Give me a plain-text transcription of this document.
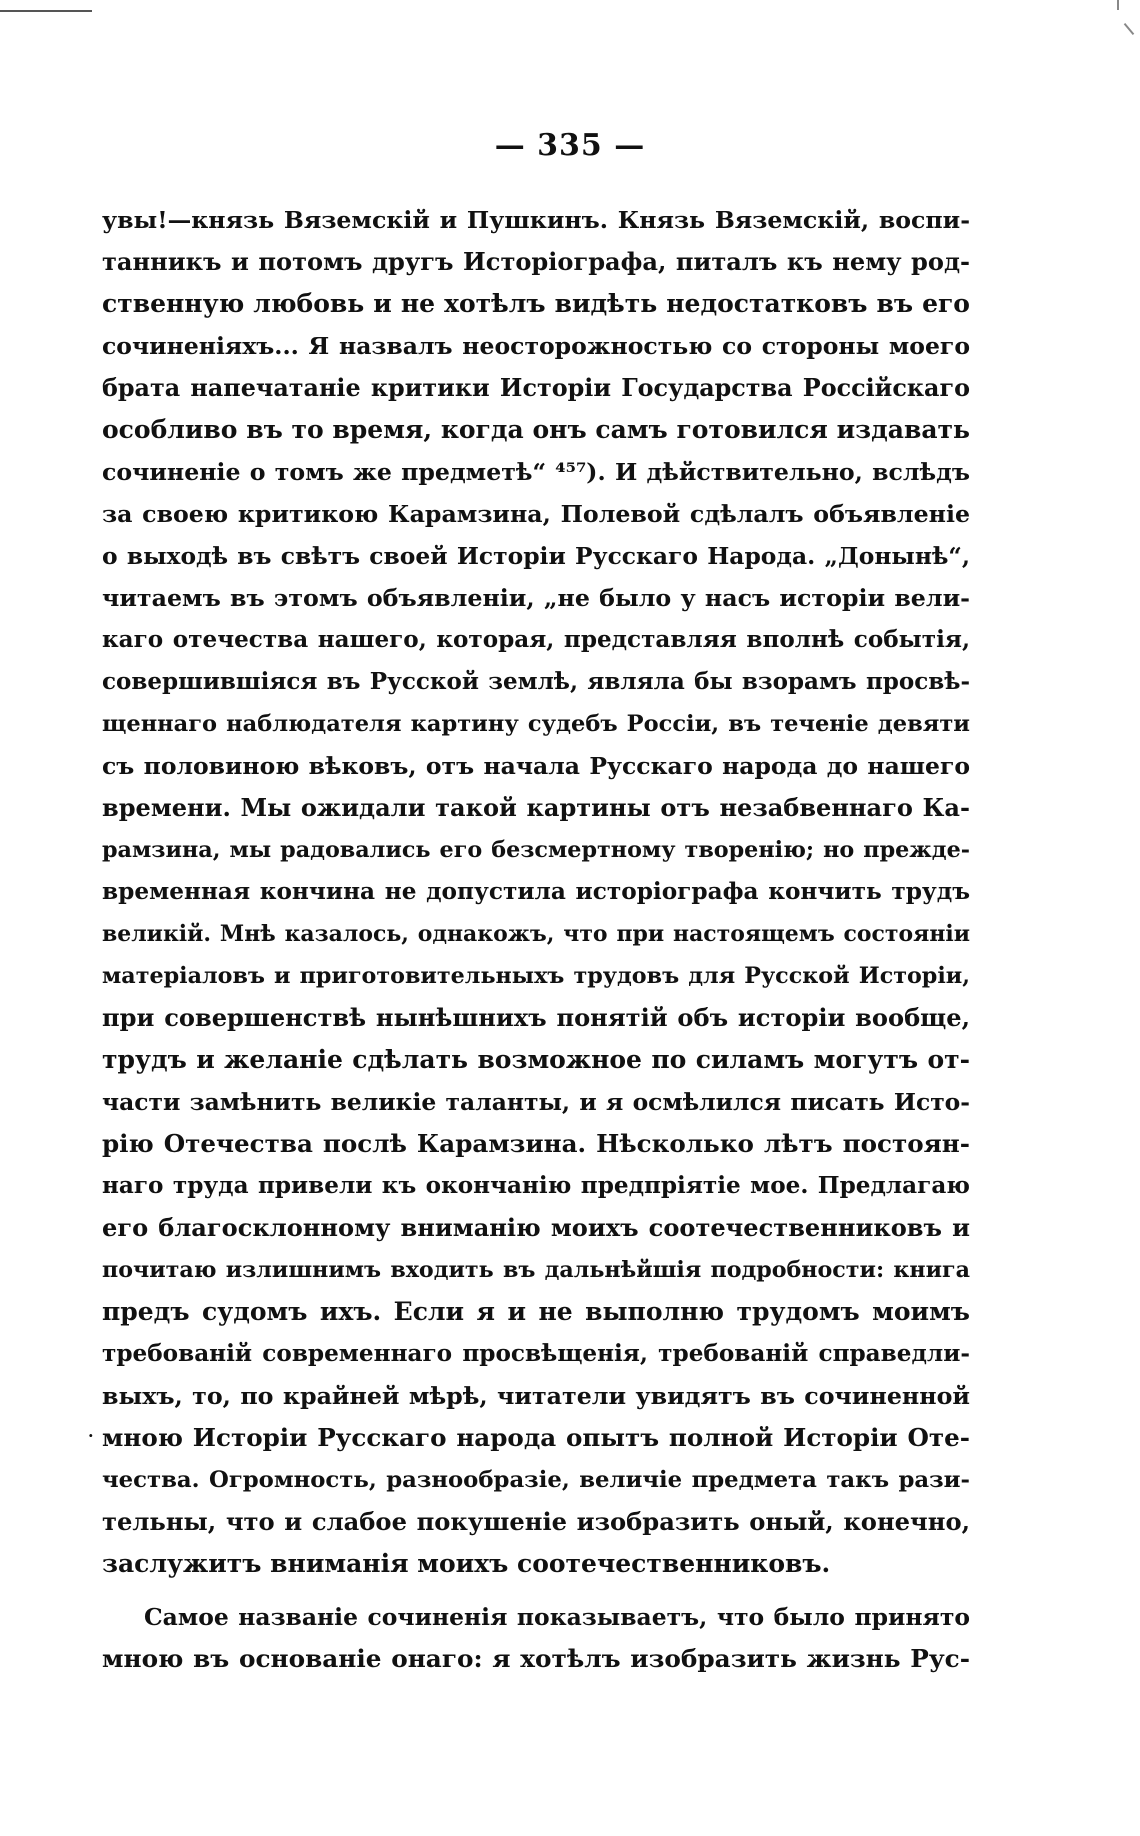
— 335 —
․
увы!—князь Вяземскій и Пушкинъ. Князь Вяземскій, воспи-
танникъ и потомъ другъ Исторіографа, питалъ къ нему род-
ственную любовь и не хотѣлъ видѣть недостатковъ въ его
сочиненіяхъ... Я назвалъ неосторожностью со стороны моего
брата напечатаніе критики Исторіи Государства Россійскаго
особливо въ то время, когда онъ самъ готовился издавать
сочиненіе о томъ же предметѣ“ ⁴⁵⁷). И дѣйствительно, вслѣдъ
за своею критикою Карамзина, Полевой сдѣлалъ объявленіе
о выходѣ въ свѣтъ своей Исторіи Русскаго Народа. „Донынѣ“,
читаемъ въ этомъ объявленіи, „не было у насъ исторіи вели-
каго отечества нашего, которая, представляя вполнѣ событія,
совершившіяся въ Русской землѣ, являла бы взорамъ просвѣ-
щеннаго наблюдателя картину судебъ Россіи, въ теченіе девяти
съ половиною вѣковъ, отъ начала Русскаго народа до нашего
времени. Мы ожидали такой картины отъ незабвеннаго Ка-
рамзина, мы радовались его безсмертному творенію; но прежде-
временная кончина не допустила исторіографа кончить трудъ
великій. Мнѣ казалось, однакожъ, что при настоящемъ состояніи
матеріаловъ и приготовительныхъ трудовъ для Русской Исторіи,
при совершенствѣ нынѣшнихъ понятій объ исторіи вообще,
трудъ и желаніе сдѣлать возможное по силамъ могутъ от-
части замѣнить великіе таланты, и я осмѣлился писать Исто-
рію Отечества послѣ Карамзина. Нѣсколько лѣтъ постоян-
наго труда привели къ окончанію предпріятіе мое. Предлагаю
его благосклонному вниманію моихъ соотечественниковъ и
почитаю излишнимъ входить въ дальнѣйшія подробности: книга
предъ судомъ ихъ. Если я и не выполню трудомъ моимъ
требованій современнаго просвѣщенія, требованій справедли-
выхъ, то, по крайней мѣрѣ, читатели увидятъ въ сочиненной
мною Исторіи Русскаго народа опытъ полной Исторіи Оте-
чества. Огромность, разнообразіе, величіе предмета такъ рази-
тельны, что и слабое покушеніе изобразить оный, конечно,
заслужитъ вниманія моихъ соотечественниковъ.
Самое названіе сочиненія показываетъ, что было принято
мною въ основаніе онаго: я хотѣлъ изобразить жизнь Рус-
